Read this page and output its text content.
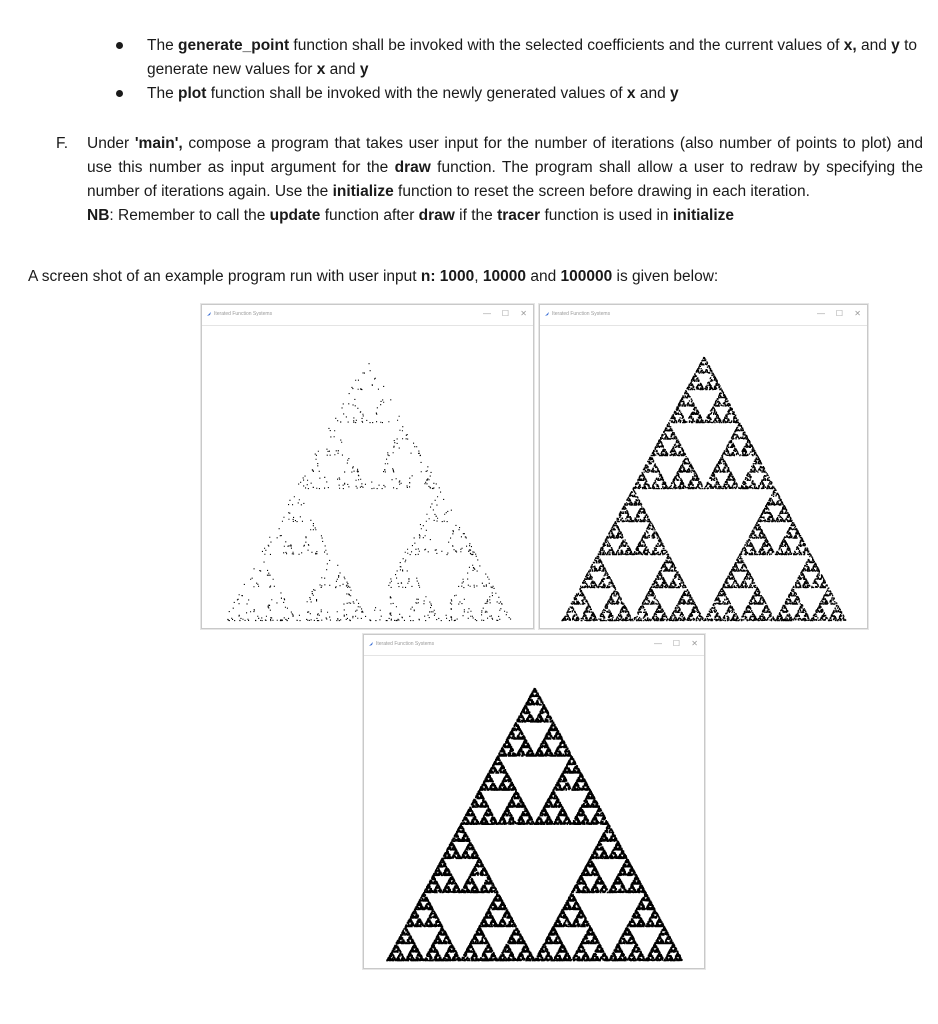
The generate_point function shall be invoked with the selected coefficients and the current values of x, and y to generate new values for x and y
The plot function shall be invoked with the newly generated values of x and y
F. Under 'main', compose a program that takes user input for the number of iterations (also number of points to plot) and use this number as input argument for the draw function. The program shall allow a user to redraw by specifying the number of iterations again. Use the initialize function to reset the screen before drawing in each iteration.
NB: Remember to call the update function after draw if the tracer function is used in initialize
A screen shot of an example program run with user input n: 1000, 10000 and 100000 is given below:
Iterated Function Systems	— ☐ ✕	Iterated Function Systems	— ☐ ✕
Iterated Function Systems	— ☐ ✕
